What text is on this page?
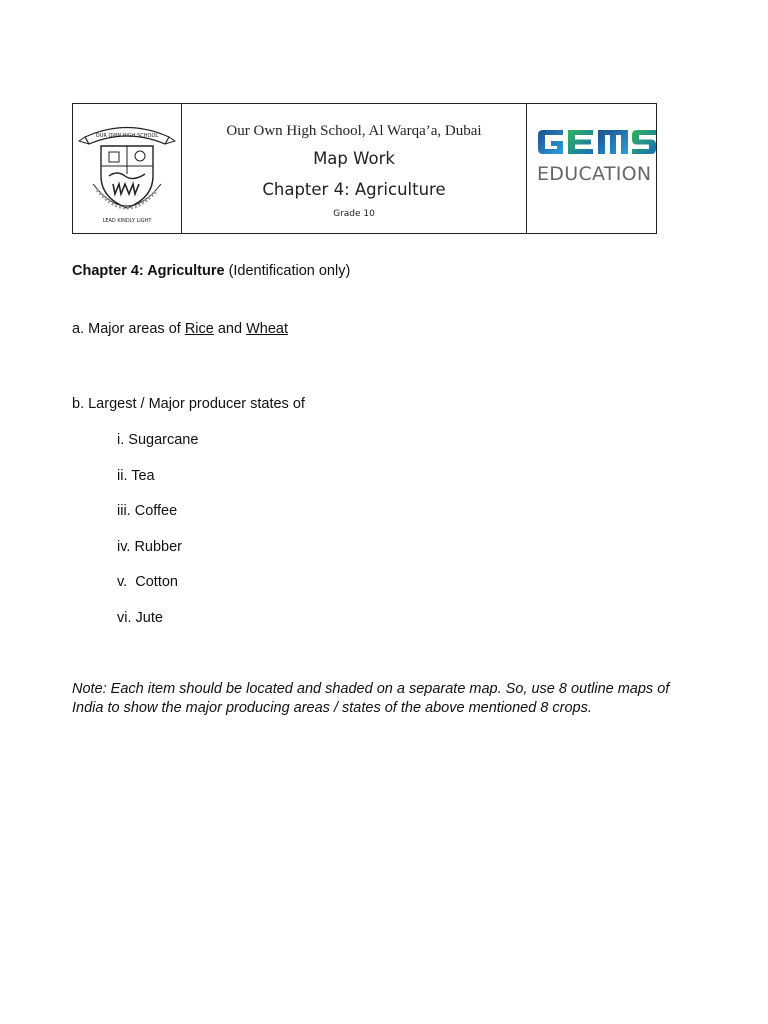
OUR OWN HIGH SCHOOL
LEAD KINDLY LIGHT
Our Own High School, Al Warqa’a, Dubai
Map Work
Chapter 4: Agriculture
Grade 10
EDUCATION
Chapter 4: Agriculture (Identification only)
a. Major areas of Rice and Wheat
b. Largest / Major producer states of
i. Sugarcane
ii. Tea
iii. Coffee
iv. Rubber
v.  Cotton
vi. Jute
Note: Each item should be located and shaded on a separate map. So, use 8 outline maps of India to show the major producing areas / states of the above mentioned 8 crops.
